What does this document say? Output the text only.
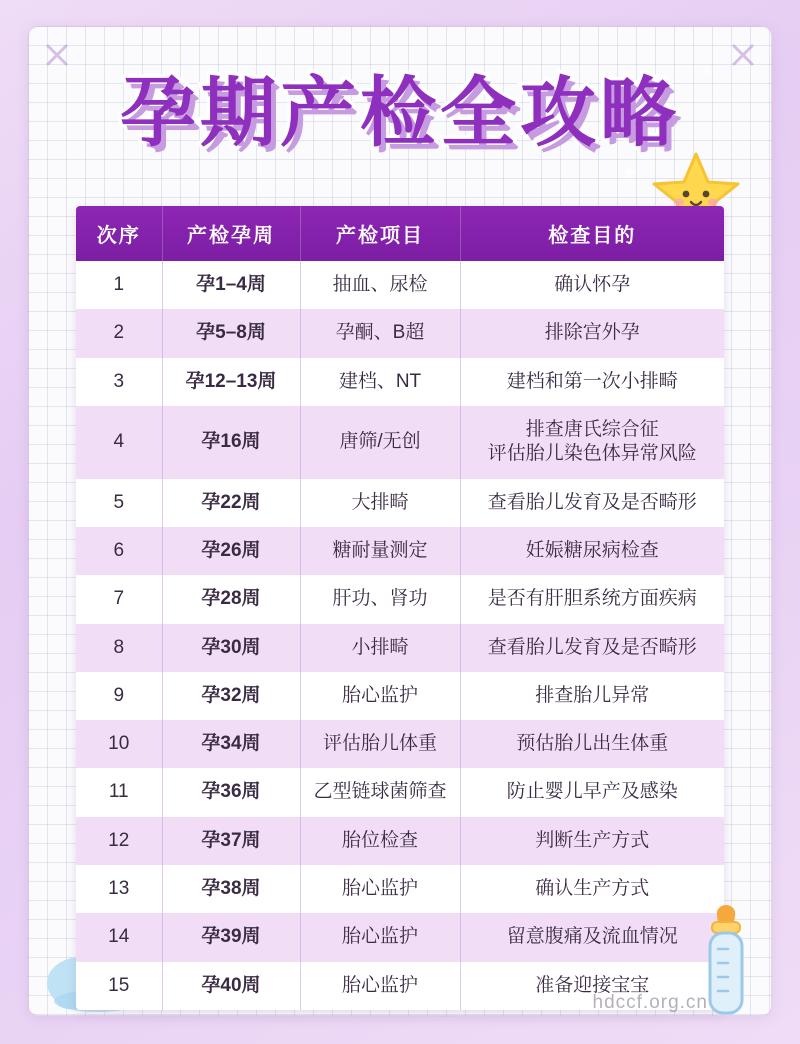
孕期产检全攻略
✦
✦
次序	产检孕周	产检项目	检查目的
1	孕1–4周	抽血、尿检	确认怀孕
2	孕5–8周	孕酮、B超	排除宫外孕
3	孕12–13周	建档、NT	建档和第一次小排畸
4	孕16周	唐筛/无创	排查唐氏综合征
评估胎儿染色体异常风险
5	孕22周	大排畸	查看胎儿发育及是否畸形
6	孕26周	糖耐量测定	妊娠糖尿病检查
7	孕28周	肝功、肾功	是否有肝胆系统方面疾病
8	孕30周	小排畸	查看胎儿发育及是否畸形
9	孕32周	胎心监护	排查胎儿异常
10	孕34周	评估胎儿体重	预估胎儿出生体重
11	孕36周	乙型链球菌筛查	防止婴儿早产及感染
12	孕37周	胎位检查	判断生产方式
13	孕38周	胎心监护	确认生产方式
14	孕39周	胎心监护	留意腹痛及流血情况
15	孕40周	胎心监护	准备迎接宝宝
hdccf.org.cn
